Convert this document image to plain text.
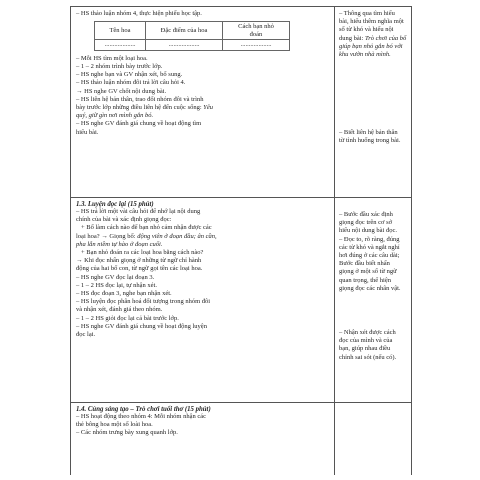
– HS thảo luận nhóm 4, thực hiện phiếu học tập.
Tên hoa	Đặc điểm của hoa	Cách bạn nhỏ
đoán
...................	...................	...................
– Mỗi HS tìm một loại hoa.
– 1 – 2 nhóm trình bày trước lớp.
– HS nghe bạn và GV nhận xét, bổ sung.
– HS thảo luận nhóm đôi trả lời câu hỏi 4.
→ HS nghe GV chốt nội dung bài.
– HS liên hệ bản thân, trao đổi nhóm đôi và trình
bày trước lớp những điều liên hệ đến cuộc sống: Yêu
quý, giữ gìn nơi mình gắn bó.
– HS nghe GV đánh giá chung về hoạt động tìm
hiểu bài.
– Thông qua tìm hiểu
bài, hiểu thêm nghĩa một
số từ khó và hiểu nội
dung bài: Trò chơi của bố
giúp bạn nhỏ gắn bó với
khu vườn nhà mình.
– Biết liên hệ bản thân
từ tình huống trong bài.
1.3. Luyện đọc lại (15 phút)
– HS trả lời một vài câu hỏi để nhớ lại nội dung
chính của bài và xác định giọng đọc:
+ Bố làm cách nào để bạn nhỏ cảm nhận được các
loại hoa? → Giọng bố: động viên ở đoạn đầu; ân cần,
pha lẫn niềm tự hào ở đoạn cuối.
+ Bạn nhỏ đoán ra các loại hoa bằng cách nào?
→ Khi đọc nhấn giọng ở những từ ngữ chỉ hành
động của hai bố con, từ ngữ gọi tên các loại hoa.
– HS nghe GV đọc lại đoạn 3.
– 1 – 2 HS đọc lại, tự nhận xét.
– HS đọc đoạn 3, nghe bạn nhận xét.
– HS luyện đọc phân hoá đối tượng trong nhóm đôi
và nhận xét, đánh giá theo nhóm.
– 1 – 2 HS giỏi đọc lại cả bài trước lớp.
– HS nghe GV đánh giá chung về hoạt động luyện
đọc lại.
– Bước đầu xác định
giọng đọc trên cơ sở
hiểu nội dung bài đọc.
– Đọc to, rõ ràng, đúng
các từ khó và ngắt nghỉ
hơi đúng ở các câu dài;
Bước đầu biết nhấn
giọng ở một số từ ngữ
quan trọng, thể hiện
giọng đọc các nhân vật.
– Nhận xét được cách
đọc của mình và của
bạn, giúp nhau điều
chỉnh sai sót (nếu có).
1.4. Củng sáng tạo – Trò chơi tuổi thơ (15 phút)
– HS hoạt động theo nhóm 4: Mỗi nhóm nhận các
thẻ bông hoa một số loài hoa.
– Các nhóm trưng bày xung quanh lớp.
